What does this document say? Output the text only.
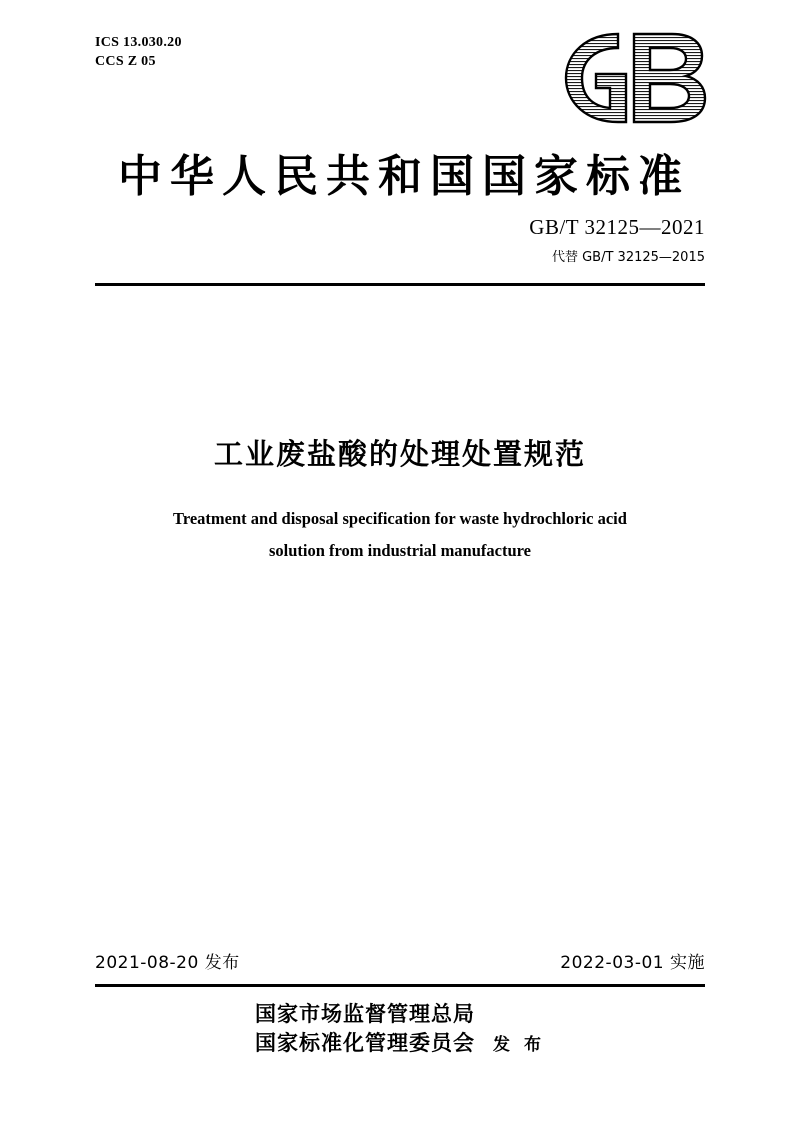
ICS 13.030.20
CCS Z 05
中华人民共和国国家标准
GB/T 32125—2021
代替 GB/T 32125—2015
工业废盐酸的处理处置规范
Treatment and disposal specification for waste hydrochloric acid
solution from industrial manufacture
2021-08-20 发布	2022-03-01 实施
国家市场监督管理总局
国家标准化管理委员会 发 布
